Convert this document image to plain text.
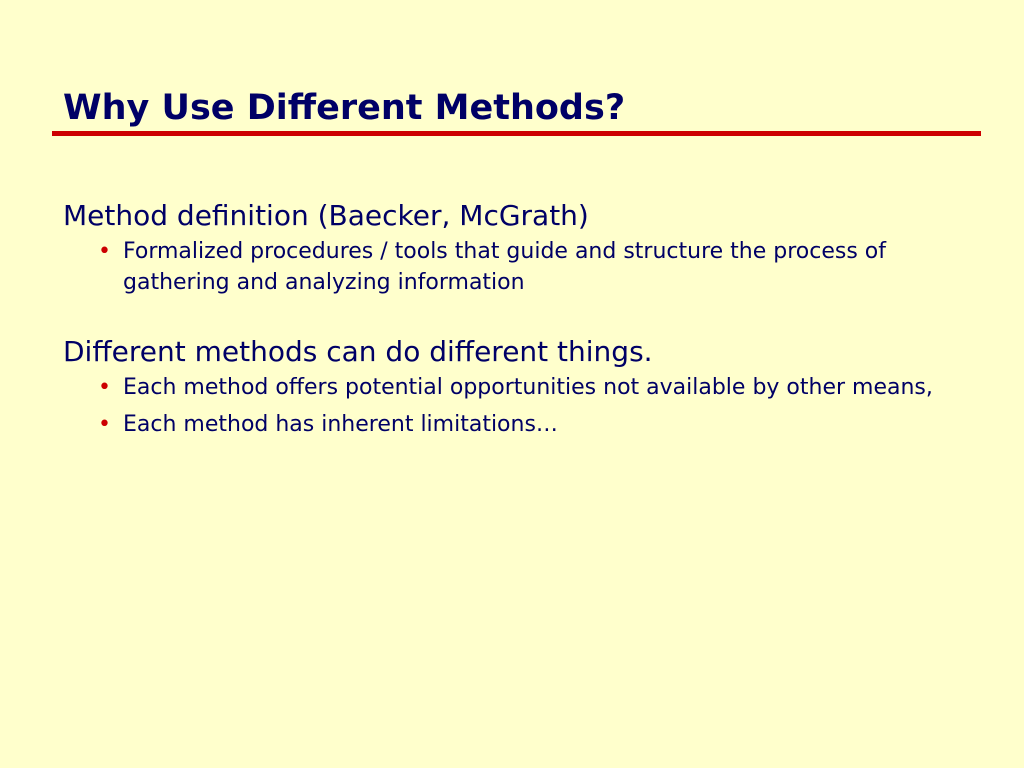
Why Use Different Methods?

Method definition (Baecker, McGrath)

• Formalized procedures / tools that guide and structure the process of gathering and analyzing information

Different methods can do different things.

• Each method offers potential opportunities not available by other means,
• Each method has inherent limitations…
